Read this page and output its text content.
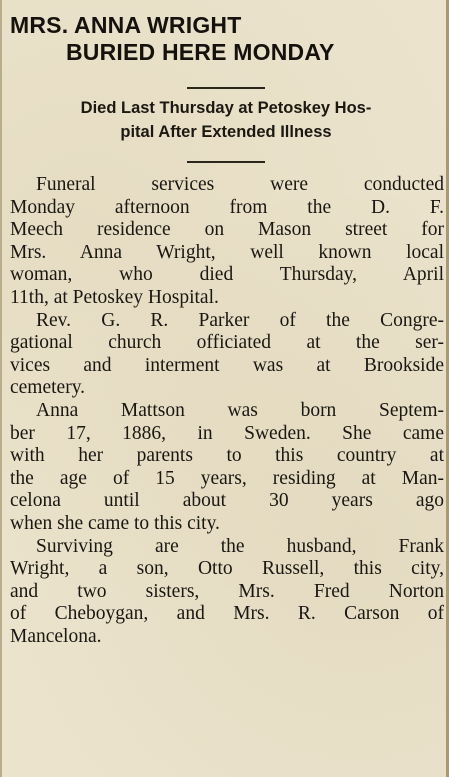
MRS. ANNA WRIGHT
BURIED HERE MONDAY
Died Last Thursday at Petoskey Hos-
pital After Extended Illness

Funeral services were conducted
Monday afternoon from the D. F.
Meech residence on Mason street for
Mrs. Anna Wright, well known local
woman, who died Thursday, April
11th, at Petoskey Hospital.

Rev. G. R. Parker of the Congre-
gational church officiated at the ser-
vices and interment was at Brookside
cemetery.

Anna Mattson was born Septem-
ber 17, 1886, in Sweden. She came
with her parents to this country at
the age of 15 years, residing at Man-
celona until about 30 years ago
when she came to this city.

Surviving are the husband, Frank
Wright, a son, Otto Russell, this city,
and two sisters, Mrs. Fred Norton
of Cheboygan, and Mrs. R. Carson of
Mancelona.
